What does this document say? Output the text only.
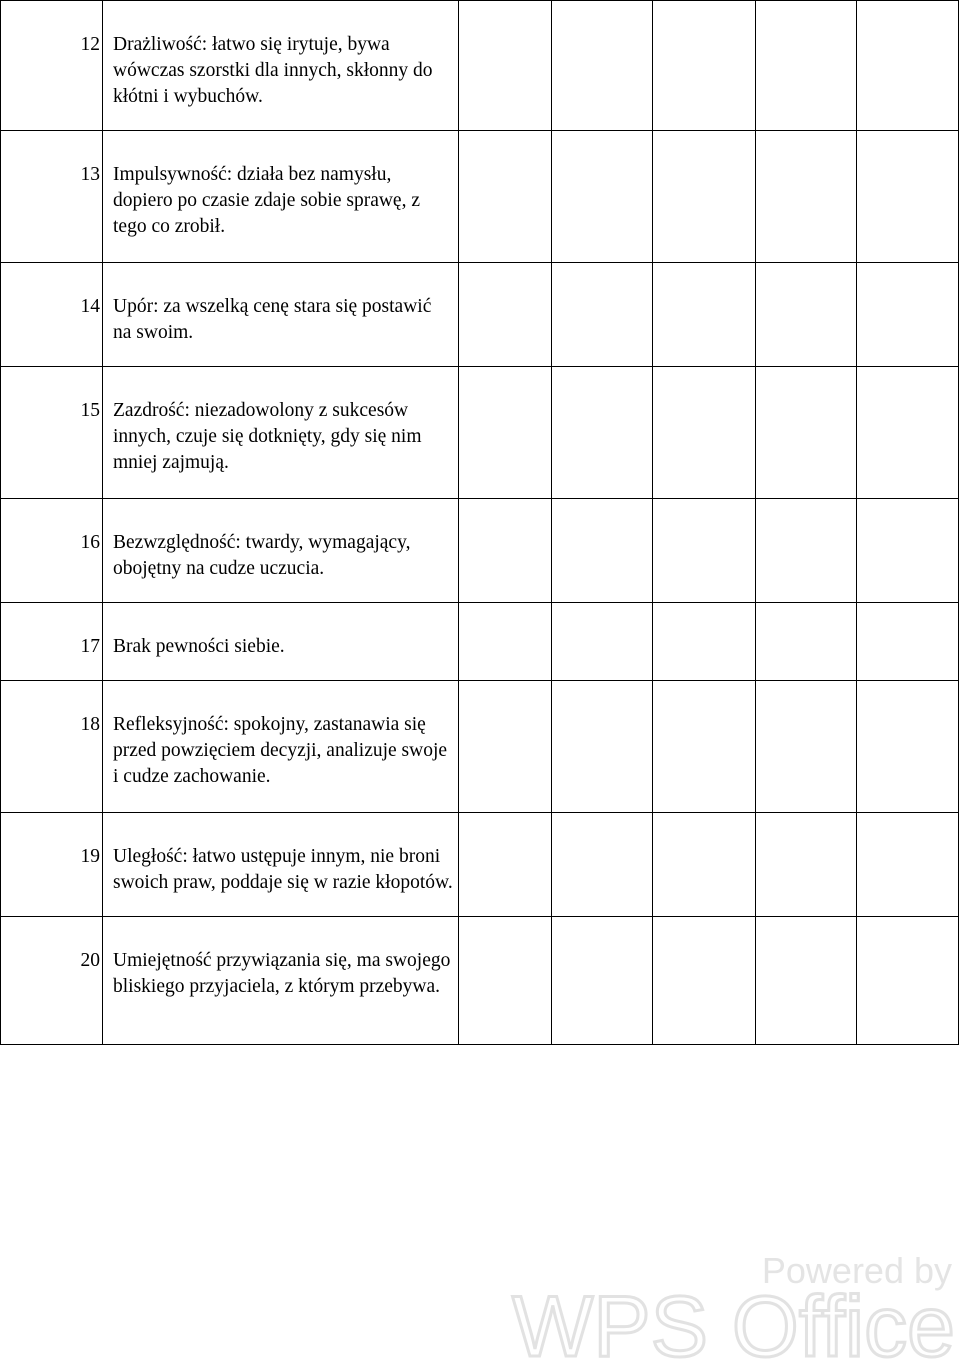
12	Drażliwość: łatwo się irytuje, bywa wówczas szorstki dla innych, skłonny do kłótni i wybuchów.					
13	Impulsywność: działa bez namysłu, dopiero po czasie zdaje sobie sprawę, z tego co zrobił.					
14	Upór: za wszelką cenę stara się postawić na swoim.					
15	Zazdrość: niezadowolony z sukcesów innych, czuje się dotknięty, gdy się nim mniej zajmują.					
16	Bezwzględność: twardy, wymagający, obojętny na cudze uczucia.					
17	Brak pewności siebie.					
18	Refleksyjność: spokojny, zastanawia się przed powzięciem decyzji, analizuje swoje i cudze zachowanie.					
19	Uległość: łatwo ustępuje innym, nie broni swoich praw, poddaje się w razie kłopotów.					
20	Umiejętność przywiązania się, ma swojego bliskiego przyjaciela, z którym przebywa.					
Powered by
WPS Office
